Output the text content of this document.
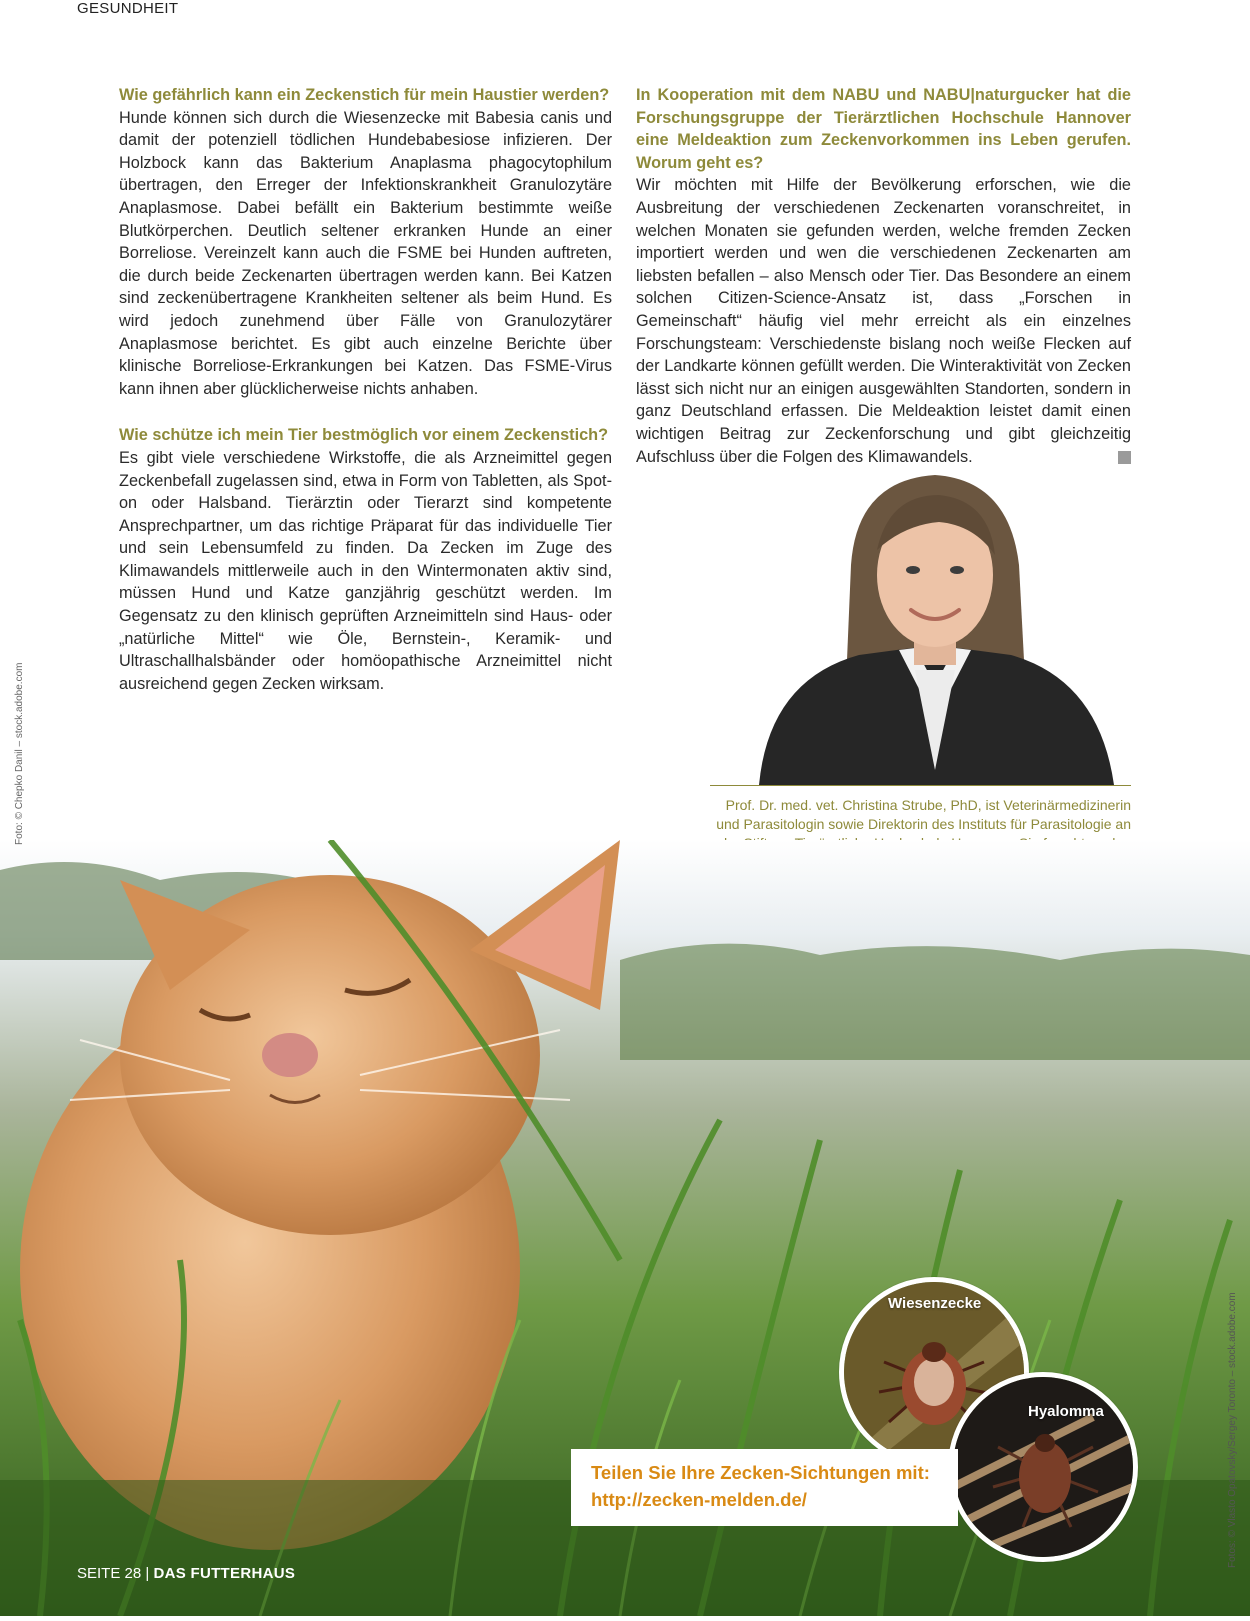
GESUNDHEIT

Wie gefährlich kann ein Zeckenstich für mein Haustier werden?

Hunde können sich durch die Wiesenzecke mit Babesia canis und damit der potenziell tödlichen Hundebabesiose infizieren. Der Holzbock kann das Bakterium Anaplasma phagocytophilum übertragen, den Erreger der Infektionskrankheit Granulozytäre Anaplasmose. Dabei befällt ein Bakterium bestimmte weiße Blutkörperchen. Deutlich seltener erkranken Hunde an einer Borreliose. Vereinzelt kann auch die FSME bei Hunden auftreten, die durch beide Zeckenarten übertragen werden kann. Bei Katzen sind zeckenübertragene Krankheiten seltener als beim Hund. Es wird jedoch zunehmend über Fälle von Granulozytärer Anaplasmose berichtet. Es gibt auch einzelne Berichte über klinische Borreliose-Erkrankungen bei Katzen. Das FSME-Virus kann ihnen aber glücklicherweise nichts anhaben.

Wie schütze ich mein Tier bestmöglich vor einem Zeckenstich?

Es gibt viele verschiedene Wirkstoffe, die als Arzneimittel gegen Zeckenbefall zugelassen sind, etwa in Form von Tabletten, als Spot-on oder Halsband. Tierärztin oder Tierarzt sind kompetente Ansprechpartner, um das richtige Präparat für das individuelle Tier und sein Lebensumfeld zu finden. Da Zecken im Zuge des Klimawandels mittlerweile auch in den Wintermonaten aktiv sind, müssen Hund und Katze ganzjährig geschützt werden. Im Gegensatz zu den klinisch geprüften Arzneimitteln sind Haus- oder „natürliche Mittel“ wie Öle, Bernstein-, Keramik- und Ultraschallhalsbänder oder homöopathische Arzneimittel nicht ausreichend gegen Zecken wirksam.

In Kooperation mit dem NABU und NABU|naturgucker hat die Forschungsgruppe der Tierärztlichen Hochschule Hannover eine Meldeaktion zum Zeckenvorkommen ins Leben gerufen. Worum geht es?

Wir möchten mit Hilfe der Bevölkerung erforschen, wie die Ausbreitung der verschiedenen Zeckenarten voranschreitet, in welchen Monaten sie gefunden werden, welche fremden Zecken importiert werden und wen die verschiedenen Zeckenarten am liebsten befallen – also Mensch oder Tier. Das Besondere an einem solchen Citizen-Science-Ansatz ist, dass „Forschen in Gemeinschaft“ häufig viel mehr erreicht als ein einzelnes Forschungsteam: Verschiedenste bislang noch weiße Flecken auf der Landkarte können gefüllt werden. Die Winteraktivität von Zecken lässt sich nicht nur an einigen ausgewählten Standorten, sondern in ganz Deutschland erfassen. Die Meldeaktion leistet damit einen wichtigen Beitrag zur Zeckenforschung und gibt gleichzeitig Aufschluss über die Folgen des Klimawandels.

Prof. Dr. med. vet. Christina Strube, PhD, ist Veterinärmedizinerin und Parasitologin sowie Direktorin des Instituts für Parasitologie an
Foto: © Chepko Danil – stock.adobe.com
Fotos: © Vlasto Opatovsky/Sergey Toronto – stock.adobe.com
Wiesenzecke
Hyalomma
Teilen Sie Ihre Zecken-Sichtungen mit:
http://zecken-melden.de/
SEITE 28 | DAS FUTTERHAUS
